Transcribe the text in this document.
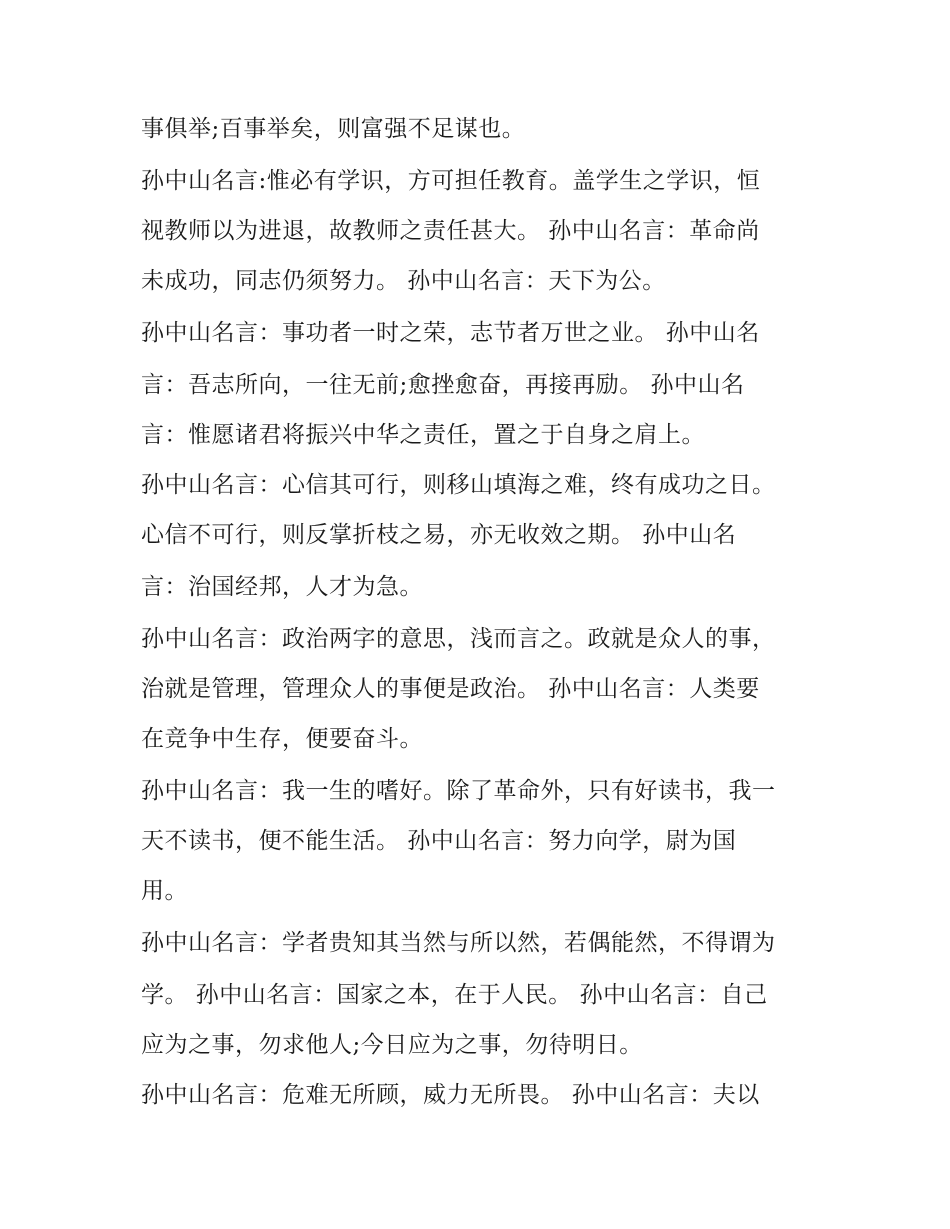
事俱举;百事举矣，则富强不足谋也。
孙中山名言:惟必有学识，方可担任教育。盖学生之学识，恒
视教师以为进退，故教师之责任甚大。 孙中山名言：革命尚
未成功，同志仍须努力。 孙中山名言：天下为公。
孙中山名言：事功者一时之荣，志节者万世之业。 孙中山名
言：吾志所向，一往无前;愈挫愈奋，再接再励。 孙中山名
言：惟愿诸君将振兴中华之责任，置之于自身之肩上。
孙中山名言：心信其可行，则移山填海之难，终有成功之日。
心信不可行，则反掌折枝之易，亦无收效之期。 孙中山名
言：治国经邦，人才为急。
孙中山名言：政治两字的意思，浅而言之。政就是众人的事，
治就是管理，管理众人的事便是政治。 孙中山名言：人类要
在竞争中生存，便要奋斗。
孙中山名言：我一生的嗜好。除了革命外，只有好读书，我一
天不读书，便不能生活。 孙中山名言：努力向学，尉为国
用。
孙中山名言：学者贵知其当然与所以然，若偶能然，不得谓为
学。 孙中山名言：国家之本，在于人民。 孙中山名言：自己
应为之事，勿求他人;今日应为之事，勿待明日。
孙中山名言：危难无所顾，威力无所畏。 孙中山名言：夫以
